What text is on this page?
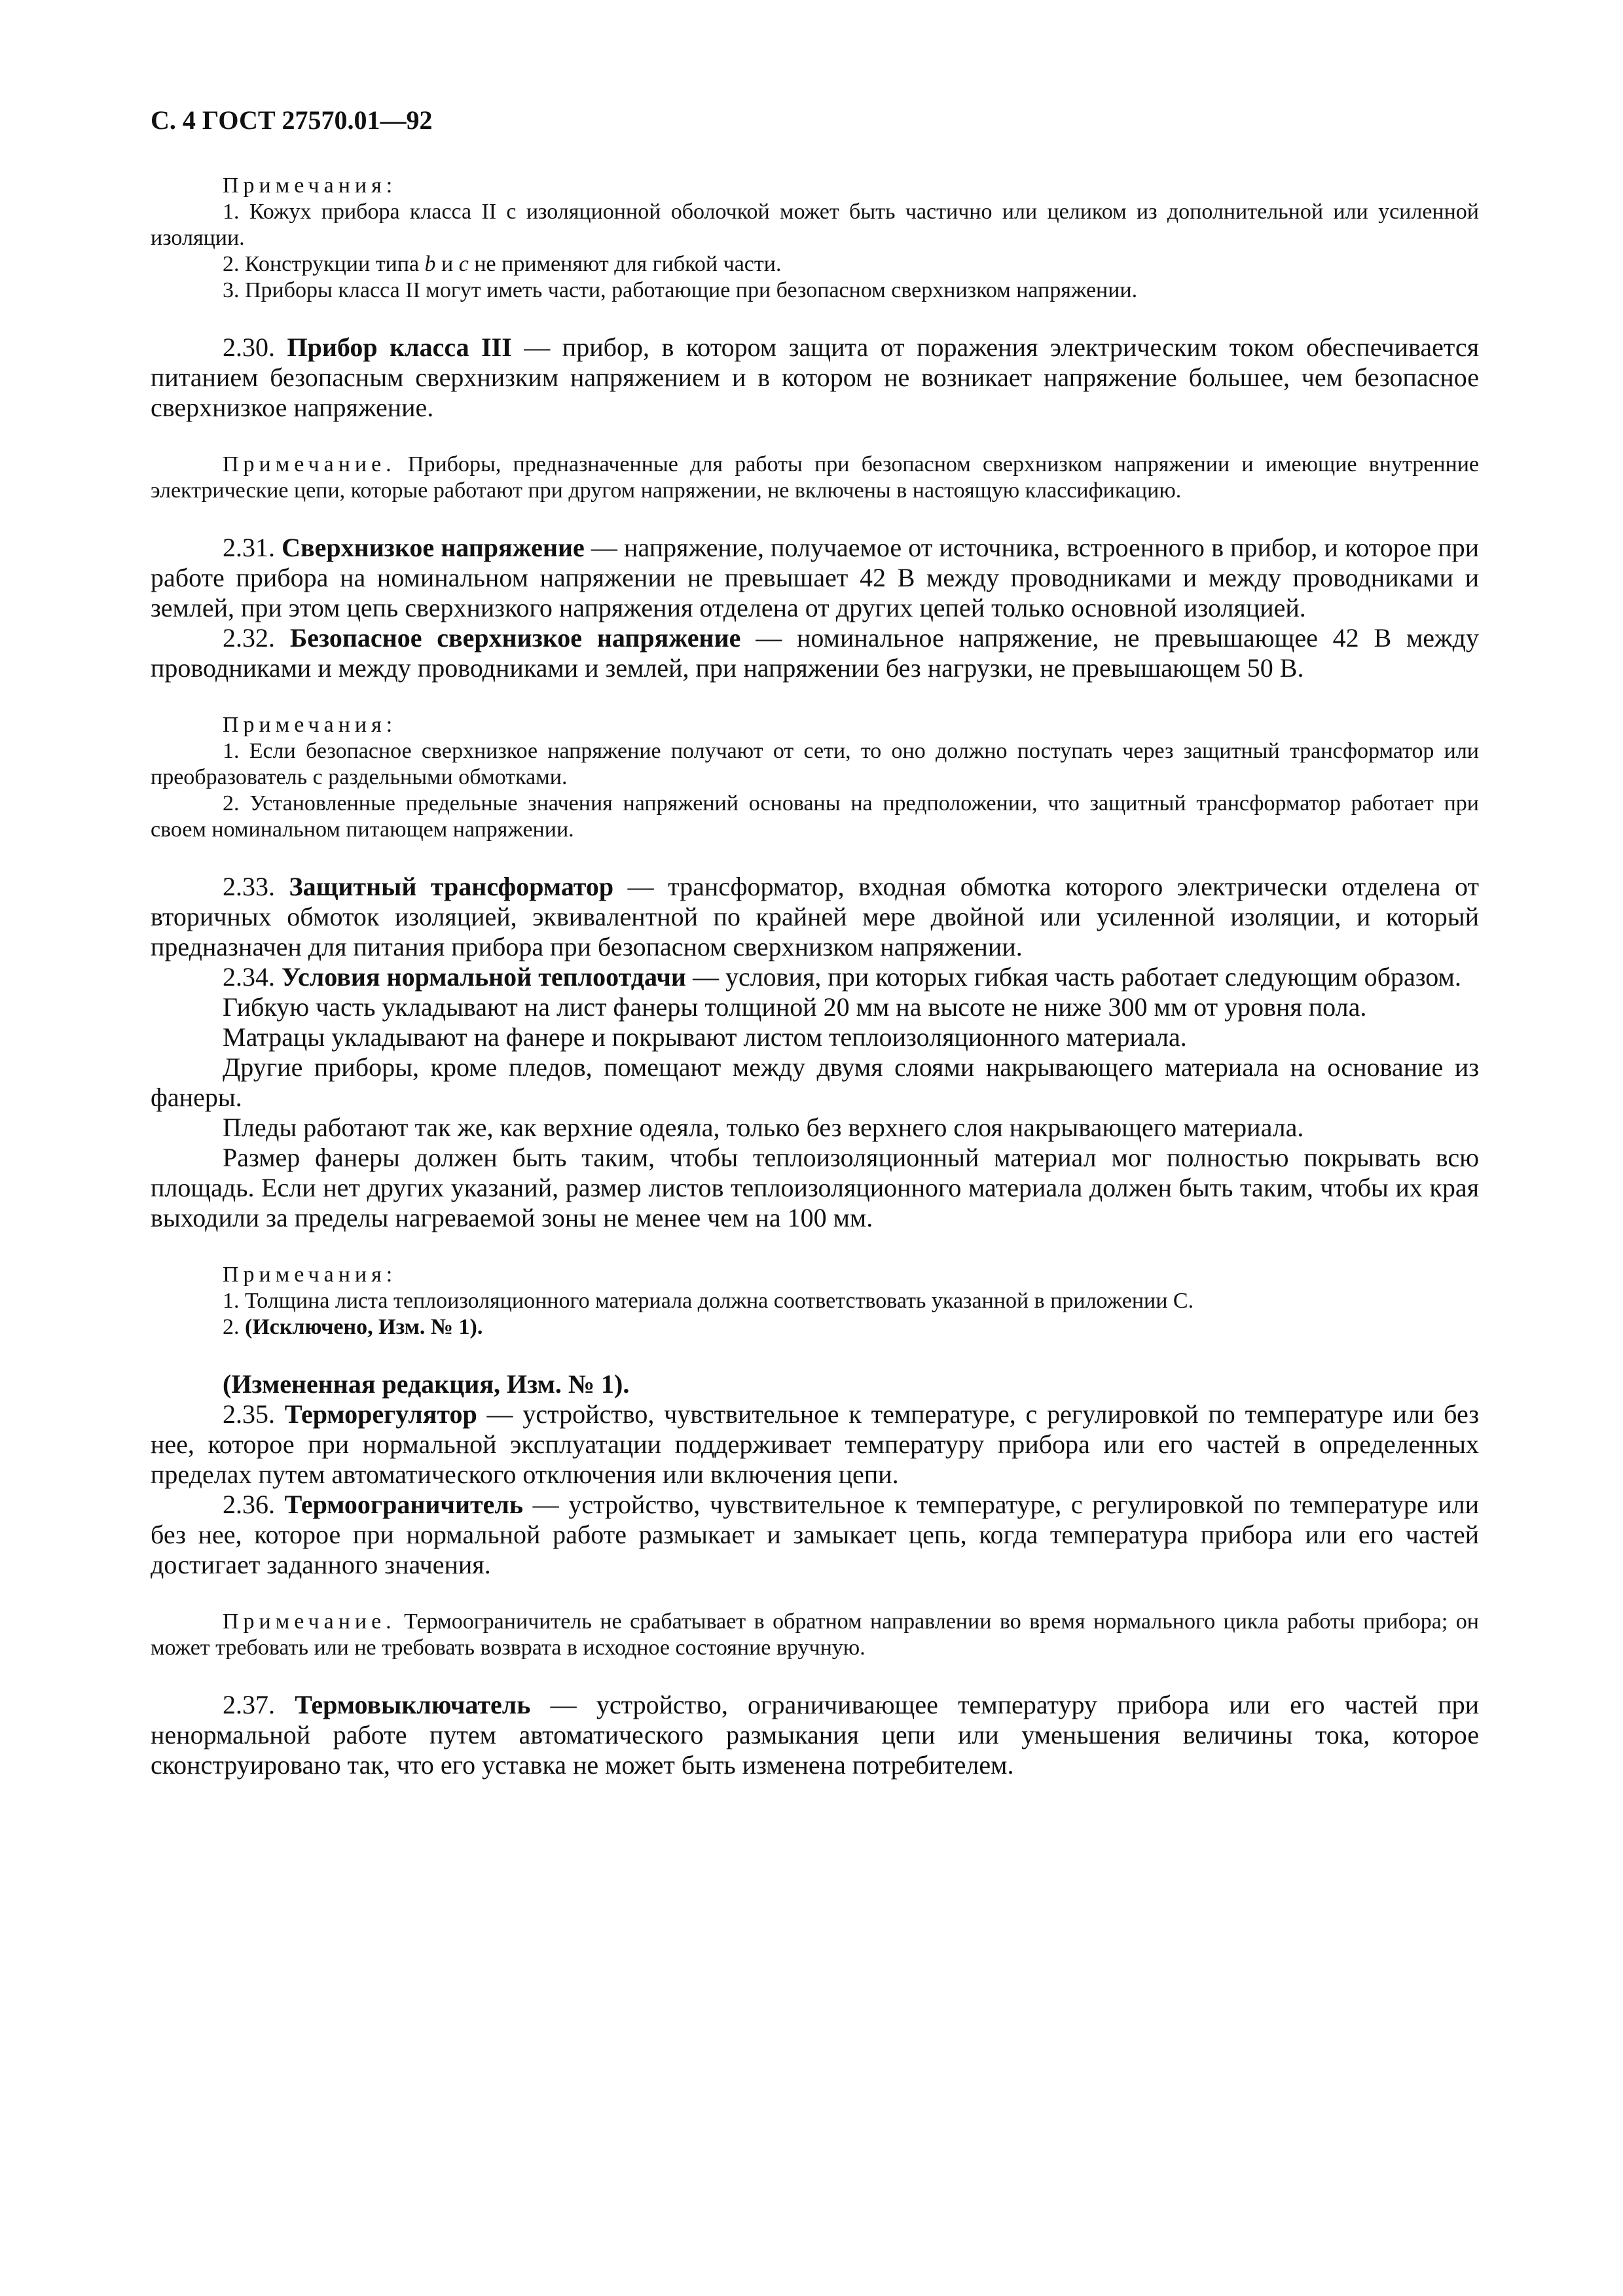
С. 4 ГОСТ 27570.01—92

Примечания:

1. Кожух прибора класса II с изоляционной оболочкой может быть частично или целиком из дополнительной или усиленной изоляции.

2. Конструкции типа b и c не применяют для гибкой части.

3. Приборы класса II могут иметь части, работающие при безопасном сверхнизком напряжении.

2.30. Прибор класса III — прибор, в котором защита от поражения электрическим током обеспечивается питанием безопасным сверхнизким напряжением и в котором не возникает напряжение большее, чем безопасное сверхнизкое напряжение.

Примечание. Приборы, предназначенные для работы при безопасном сверхнизком напряжении и имеющие внутренние электрические цепи, которые работают при другом напряжении, не включены в настоящую классификацию.

2.31. Сверхнизкое напряжение — напряжение, получаемое от источника, встроенного в прибор, и которое при работе прибора на номинальном напряжении не превышает 42 В между проводниками и между проводниками и землей, при этом цепь сверхнизкого напряжения отделена от других цепей только основной изоляцией.

2.32. Безопасное сверхнизкое напряжение — номинальное напряжение, не превышающее 42 В между проводниками и между проводниками и землей, при напряжении без нагрузки, не превышающем 50 В.

Примечания:

1. Если безопасное сверхнизкое напряжение получают от сети, то оно должно поступать через защитный трансформатор или преобразователь с раздельными обмотками.

2. Установленные предельные значения напряжений основаны на предположении, что защитный трансформатор работает при своем номинальном питающем напряжении.

2.33. Защитный трансформатор — трансформатор, входная обмотка которого электрически отделена от вторичных обмоток изоляцией, эквивалентной по крайней мере двойной или усиленной изоляции, и который предназначен для питания прибора при безопасном сверхнизком напряжении.

2.34. Условия нормальной теплоотдачи — условия, при которых гибкая часть работает следующим образом.

Гибкую часть укладывают на лист фанеры толщиной 20 мм на высоте не ниже 300 мм от уровня пола.

Матрацы укладывают на фанере и покрывают листом теплоизоляционного материала.

Другие приборы, кроме пледов, помещают между двумя слоями накрывающего материала на основание из фанеры.

Пледы работают так же, как верхние одеяла, только без верхнего слоя накрывающего материала.

Размер фанеры должен быть таким, чтобы теплоизоляционный материал мог полностью покрывать всю площадь. Если нет других указаний, размер листов теплоизоляционного материала должен быть таким, чтобы их края выходили за пределы нагреваемой зоны не менее чем на 100 мм.

Примечания:

1. Толщина листа теплоизоляционного материала должна соответствовать указанной в приложении С.

2. (Исключено, Изм. № 1).

(Измененная редакция, Изм. № 1).

2.35. Терморегулятор — устройство, чувствительное к температуре, с регулировкой по температуре или без нее, которое при нормальной эксплуатации поддерживает температуру прибора или его частей в определенных пределах путем автоматического отключения или включения цепи.

2.36. Термоограничитель — устройство, чувствительное к температуре, с регулировкой по температуре или без нее, которое при нормальной работе размыкает и замыкает цепь, когда температура прибора или его частей достигает заданного значения.

Примечание. Термоограничитель не срабатывает в обратном направлении во время нормального цикла работы прибора; он может требовать или не требовать возврата в исходное состояние вручную.

2.37. Термовыключатель — устройство, ограничивающее температуру прибора или его частей при ненормальной работе путем автоматического размыкания цепи или уменьшения величины тока, которое сконструировано так, что его уставка не может быть изменена потребителем.
